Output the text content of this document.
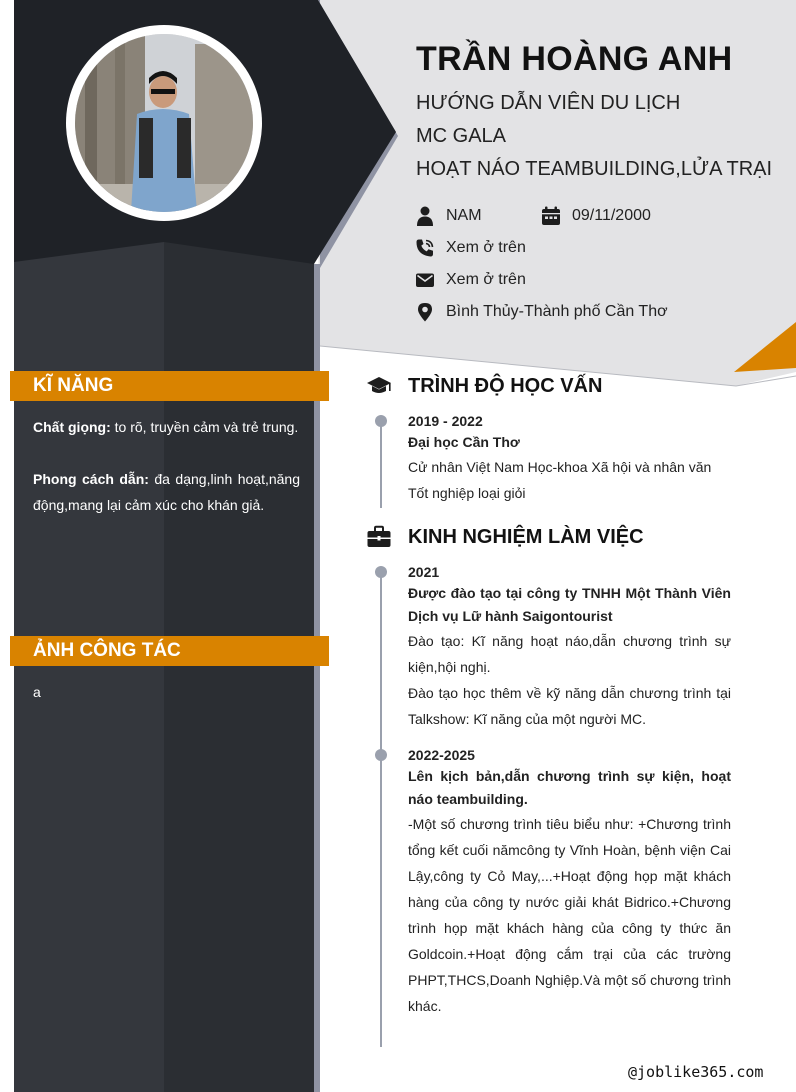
TRẦN HOÀNG ANH
HƯỚNG DẪN VIÊN DU LỊCH
MC GALA
HOẠT NÁO TEAMBUILDING,LỬA TRẠI
NAM	09/11/2000
Xem ở trên
Xem ở trên
Bình Thủy-Thành phố Cần Thơ
KĨ NĂNG
Chất giọng: to rõ, truyền cảm và trẻ trung.
Phong cách dẫn: đa dạng,linh hoạt,năng động,mang lại cảm xúc cho khán giả.
ẢNH CÔNG TÁC
a
TRÌNH ĐỘ HỌC VẤN
2019 - 2022
Đại học Cần Thơ
Cử nhân Việt Nam Học-khoa Xã hội và nhân văn
Tốt nghiệp loại giỏi
KINH NGHIỆM LÀM VIỆC
2021
Được đào tạo tại công ty TNHH Một Thành Viên Dịch vụ Lữ hành Saigontourist
Đào tạo: Kĩ năng hoạt náo,dẫn chương trình sự kiện,hội nghị.
Đào tạo học thêm về kỹ năng dẫn chương trình tại Talkshow: Kĩ năng của một người MC.
2022-2025
Lên kịch bản,dẫn chương trình sự kiện, hoạt náo teambuilding.
-Một số chương trình tiêu biểu như: +Chương trình tổng kết cuối nămcông ty Vĩnh Hoàn, bệnh viện Cai Lậy,công ty Cỏ May,...+Hoạt động họp mặt khách hàng của công ty nước giải khát Bidrico.+Chương trình họp mặt khách hàng của công ty thức ăn Goldcoin.+Hoạt động cắm trại của các trường PHPT,THCS,Doanh Nghiệp.Và một số chương trình khác.
@joblike365.com
